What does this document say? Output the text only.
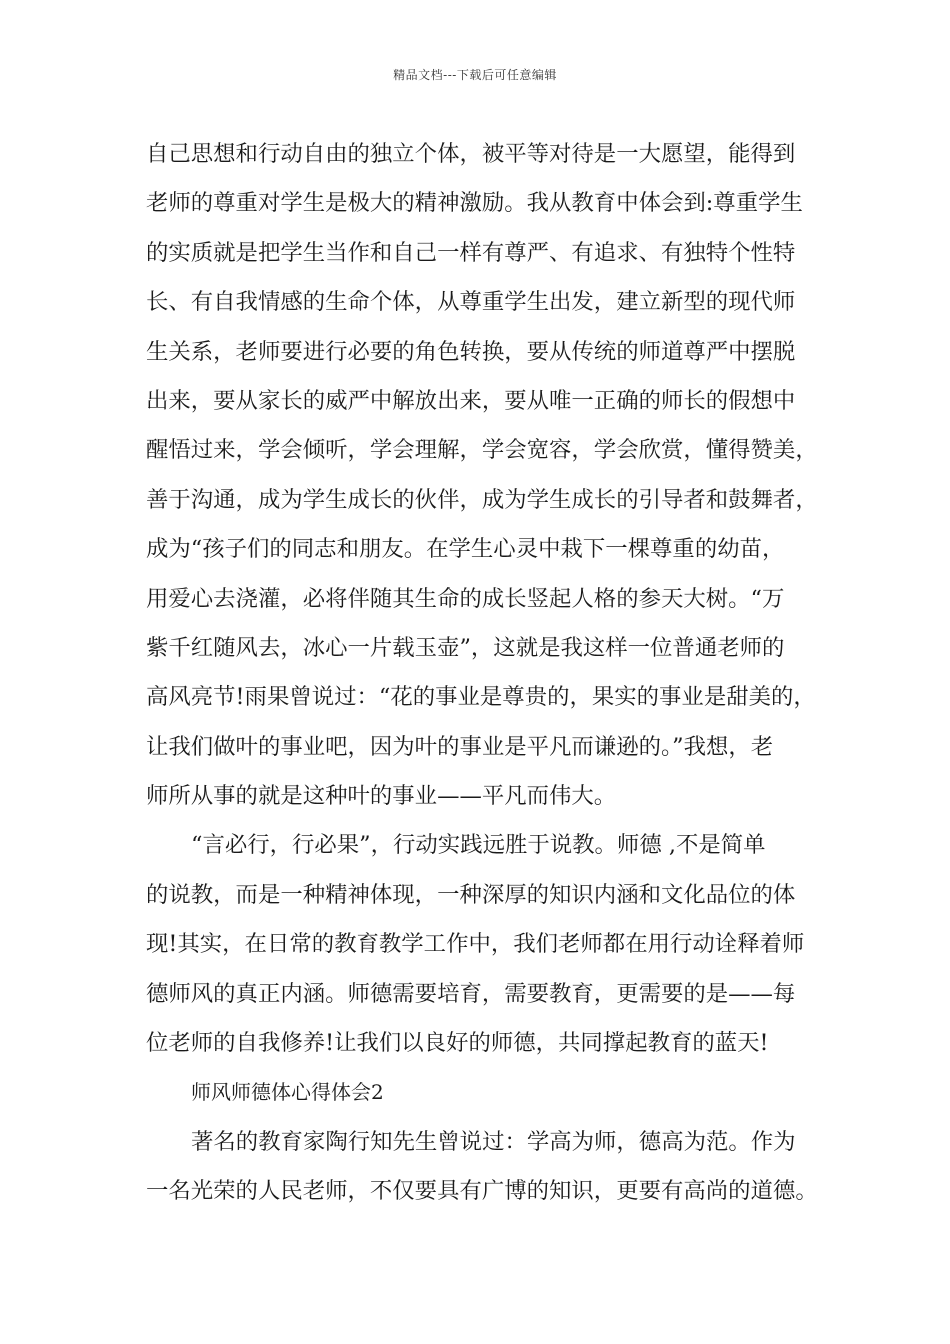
精品文档---下载后可任意编辑
自己思想和行动自由的独立个体，被平等对待是一大愿望，能得到
老师的尊重对学生是极大的精神激励。我从教育中体会到:尊重学生
的实质就是把学生当作和自己一样有尊严、有追求、有独特个性特
长、有自我情感的生命个体，从尊重学生出发，建立新型的现代师
生关系，老师要进行必要的角色转换，要从传统的师道尊严中摆脱
出来，要从家长的威严中解放出来，要从唯一正确的师长的假想中
醒悟过来，学会倾听，学会理解，学会宽容，学会欣赏，懂得赞美，
善于沟通，成为学生成长的伙伴，成为学生成长的引导者和鼓舞者，
成为“孩子们的同志和朋友。在学生心灵中栽下一棵尊重的幼苗，
用爱心去浇灌，必将伴随其生命的成长竖起人格的参天大树。“万
紫千红随风去，冰心一片载玉壶”，这就是我这样一位普通老师的
高风亮节!雨果曾说过：“花的事业是尊贵的，果实的事业是甜美的，
让我们做叶的事业吧，因为叶的事业是平凡而谦逊的。”我想，老
师所从事的就是这种叶的事业——平凡而伟大。
“言必行，行必果”，行动实践远胜于说教。师德 ,不是简单
的说教，而是一种精神体现，一种深厚的知识内涵和文化品位的体
现!其实，在日常的教育教学工作中，我们老师都在用行动诠释着师
德师风的真正内涵。师德需要培育，需要教育，更需要的是——每
位老师的自我修养!让我们以良好的师德，共同撑起教育的蓝天!
师风师德体心得体会2
著名的教育家陶行知先生曾说过：学高为师，德高为范。作为
一名光荣的人民老师，不仅要具有广博的知识，更要有高尚的道德。
